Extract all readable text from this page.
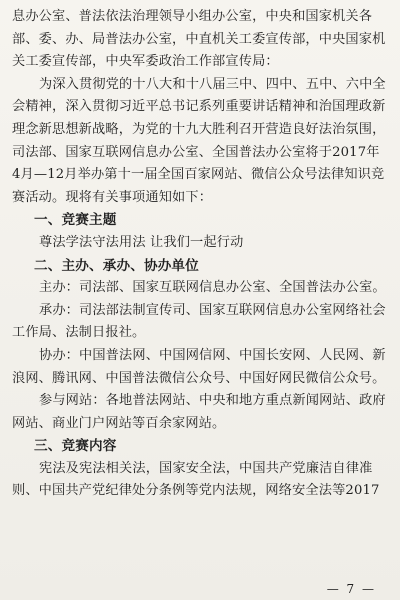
息办公室、普法依法治理领导小组办公室，中央和国家机关各
部、委、办、局普法办公室，中直机关工委宣传部，中央国家机
关工委宣传部，中央军委政治工作部宣传局：
为深入贯彻党的十八大和十八届三中、四中、五中、六中全
会精神，深入贯彻习近平总书记系列重要讲话精神和治国理政新
理念新思想新战略，为党的十九大胜利召开营造良好法治氛围，
司法部、国家互联网信息办公室、全国普法办公室将于2017年
4月—12月举办第十一届全国百家网站、微信公众号法律知识竞
赛活动。现将有关事项通知如下：
一、竞赛主题
尊法学法守法用法 让我们一起行动
二、主办、承办、协办单位
主办：司法部、国家互联网信息办公室、全国普法办公室。
承办：司法部法制宣传司、国家互联网信息办公室网络社会
工作局、法制日报社。
协办：中国普法网、中国网信网、中国长安网、人民网、新
浪网、腾讯网、中国普法微信公众号、中国好网民微信公众号。
参与网站：各地普法网站、中央和地方重点新闻网站、政府
网站、商业门户网站等百余家网站。
三、竞赛内容
宪法及宪法相关法，国家安全法，中国共产党廉洁自律准
则、中国共产党纪律处分条例等党内法规，网络安全法等2017
— 7 —
